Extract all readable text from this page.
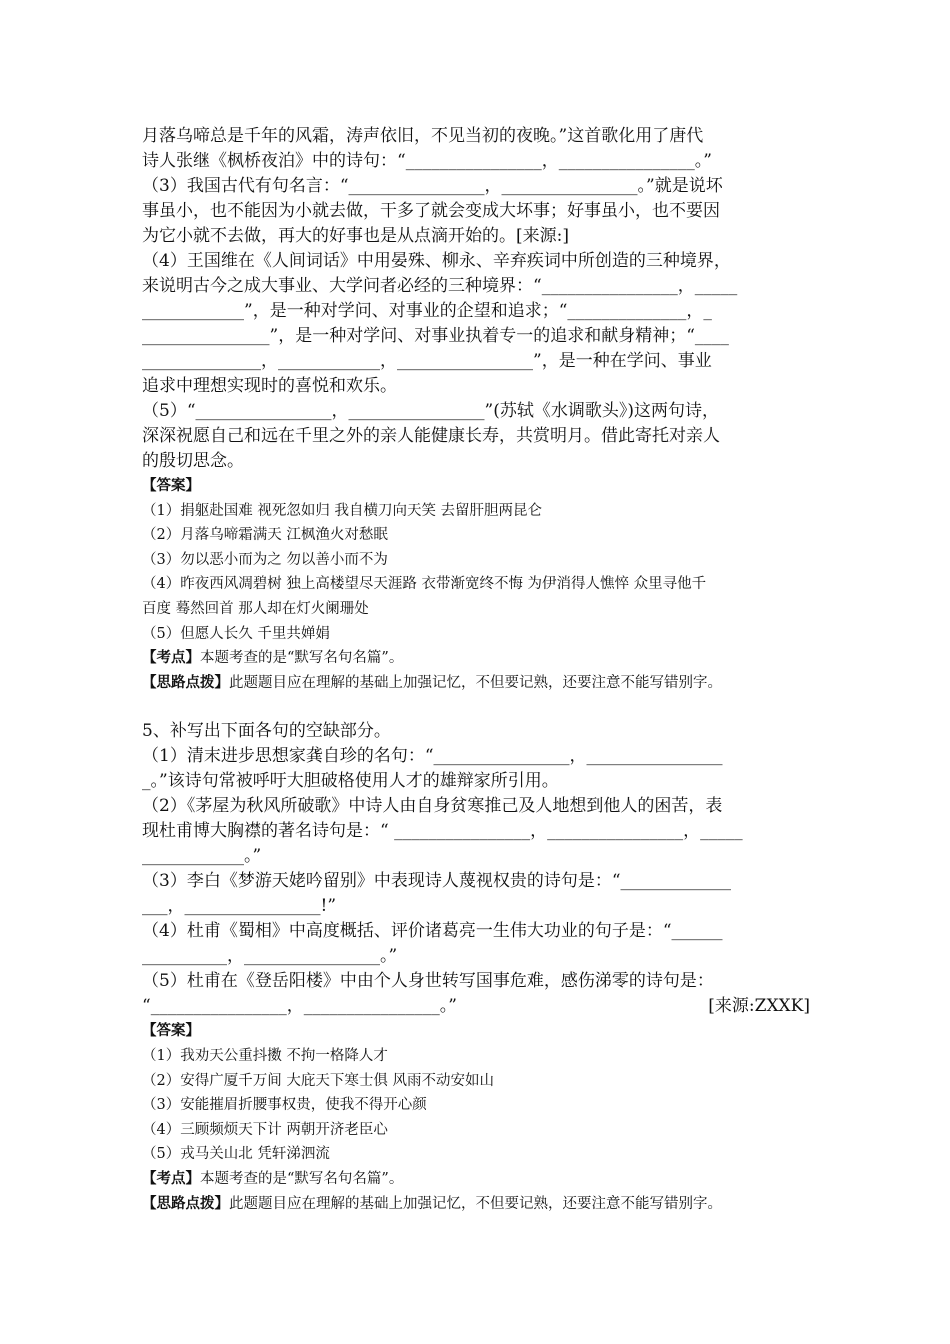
月落乌啼总是千年的风霜，涛声依旧，不见当初的夜晚。”这首歌化用了唐代
诗人张继《枫桥夜泊》中的诗句：“________________，________________。”
（3）我国古代有句名言：“________________，________________。”就是说坏
事虽小，也不能因为小就去做，干多了就会变成大坏事；好事虽小，也不要因
为它小就不去做，再大的好事也是从点滴开始的。[来源:]
（4）王国维在《人间词话》中用晏殊、柳永、辛弃疾词中所创造的三种境界，
来说明古今之成大事业、大学问者必经的三种境界：“________________，_____
____________”，是一种对学问、对事业的企望和追求；“______________，_
_______________”，是一种对学问、对事业执着专一的追求和献身精神；“____
______________，____________，________________”，是一种在学问、事业
追求中理想实现时的喜悦和欢乐。
（5）“________________，________________”(苏轼《水调歌头》)这两句诗，
深深祝愿自己和远在千里之外的亲人能健康长寿，共赏明月。借此寄托对亲人
的殷切思念。
【答案】
（1）捐躯赴国难 视死忽如归 我自横刀向天笑 去留肝胆两昆仑
（2）月落乌啼霜满天 江枫渔火对愁眠
（3）勿以恶小而为之 勿以善小而不为
（4）昨夜西风凋碧树 独上高楼望尽天涯路 衣带渐宽终不悔 为伊消得人憔悴 众里寻他千
百度 蓦然回首 那人却在灯火阑珊处
（5）但愿人长久 千里共婵娟
【考点】本题考查的是“默写名句名篇”。
【思路点拨】此题题目应在理解的基础上加强记忆，不但要记熟，还要注意不能写错别字。
5、补写出下面各句的空缺部分。
（1）清末进步思想家龚自珍的名句：“________________，________________
_。”该诗句常被呼吁大胆破格使用人才的雄辩家所引用。
（2）《茅屋为秋风所破歌》中诗人由自身贫寒推己及人地想到他人的困苦，表
现杜甫博大胸襟的著名诗句是：“ ________________，________________，_____
____________。”
（3）李白《梦游天姥吟留别》中表现诗人蔑视权贵的诗句是：“_____________
___，________________!”
（4）杜甫《蜀相》中高度概括、评价诸葛亮一生伟大功业的句子是：“______
__________，________________。”
（5）杜甫在《登岳阳楼》中由个人身世转写国事危难，感伤涕零的诗句是：
“________________，________________。”	[来源:ZXXK]
【答案】
（1）我劝天公重抖擞 不拘一格降人才
（2）安得广厦千万间 大庇天下寒士俱 风雨不动安如山
（3）安能摧眉折腰事权贵，使我不得开心颜
（4）三顾频烦天下计 两朝开济老臣心
（5）戎马关山北 凭轩涕泗流
【考点】本题考查的是“默写名句名篇”。
【思路点拨】此题题目应在理解的基础上加强记忆，不但要记熟，还要注意不能写错别字。
